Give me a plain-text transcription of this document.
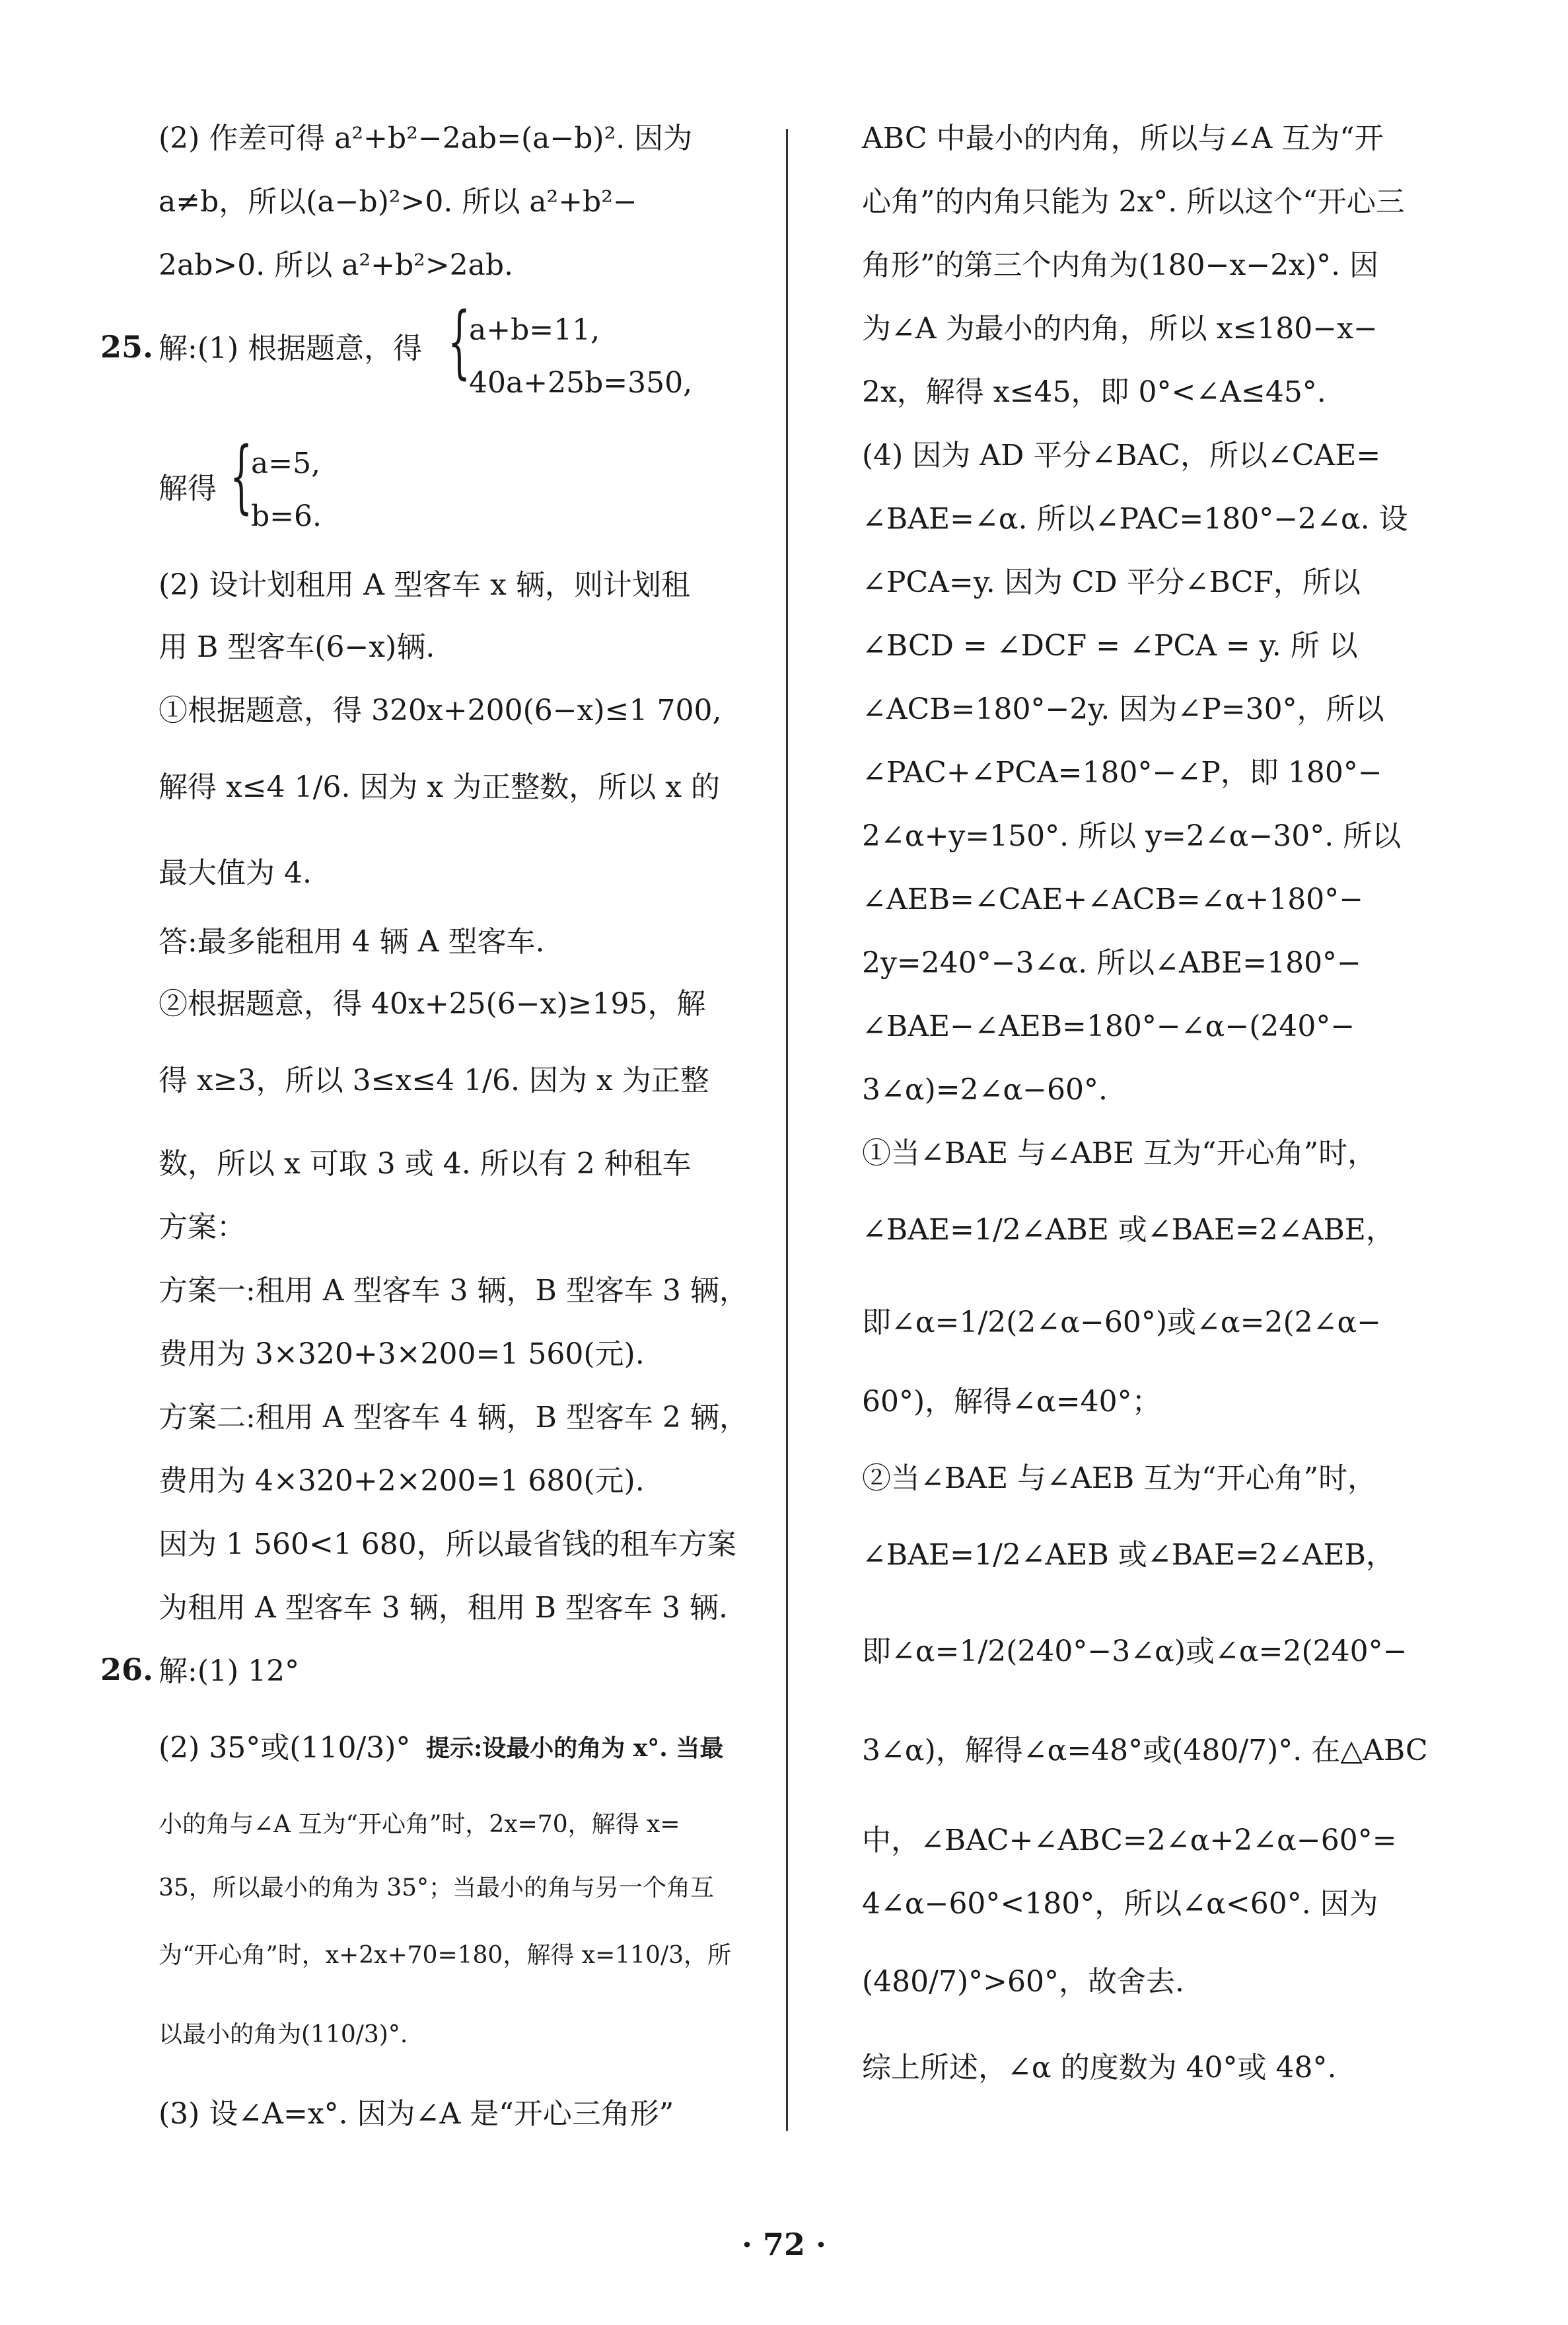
(2) 作差可得 a²+b²−2ab=(a−b)². 因为
a≠b，所以(a−b)²>0. 所以 a²+b²−
2ab>0. 所以 a²+b²>2ab.
25. 解:(1) 根据题意，得 {
a+b=11,
40a+25b=350,
解得 {
a=5,
b=6.
(2) 设计划租用 A 型客车 x 辆，则计划租
用 B 型客车(6−x)辆.
①根据题意，得 320x+200(6−x)≤1 700,
解得 x≤4 1/6. 因为 x 为正整数，所以 x 的
最大值为 4.
答:最多能租用 4 辆 A 型客车.
②根据题意，得 40x+25(6−x)≥195，解
得 x≥3，所以 3≤x≤4 1/6. 因为 x 为正整
数，所以 x 可取 3 或 4. 所以有 2 种租车
方案：
方案一:租用 A 型客车 3 辆，B 型客车 3 辆，
费用为 3×320+3×200=1 560(元).
方案二:租用 A 型客车 4 辆，B 型客车 2 辆，
费用为 4×320+2×200=1 680(元).
因为 1 560<1 680，所以最省钱的租车方案
为租用 A 型客车 3 辆，租用 B 型客车 3 辆.
26. 解:(1) 12°
(2) 35°或(110/3)° 提示:设最小的角为 x°. 当最
小的角与∠A 互为“开心角”时，2x=70，解得 x=
35，所以最小的角为 35°；当最小的角与另一个角互
为“开心角”时，x+2x+70=180，解得 x=110/3，所
以最小的角为(110/3)°.
(3) 设∠A=x°. 因为∠A 是“开心三角形”
ABC 中最小的内角，所以与∠A 互为“开
心角”的内角只能为 2x°. 所以这个“开心三
角形”的第三个内角为(180−x−2x)°. 因
为∠A 为最小的内角，所以 x≤180−x−
2x，解得 x≤45，即 0°<∠A≤45°.
(4) 因为 AD 平分∠BAC，所以∠CAE=
∠BAE=∠α. 所以∠PAC=180°−2∠α. 设
∠PCA=y. 因为 CD 平分∠BCF，所以
∠BCD = ∠DCF = ∠PCA = y. 所 以
∠ACB=180°−2y. 因为∠P=30°，所以
∠PAC+∠PCA=180°−∠P，即 180°−
2∠α+y=150°. 所以 y=2∠α−30°. 所以
∠AEB=∠CAE+∠ACB=∠α+180°−
2y=240°−3∠α. 所以∠ABE=180°−
∠BAE−∠AEB=180°−∠α−(240°−
3∠α)=2∠α−60°.
①当∠BAE 与∠ABE 互为“开心角”时，
∠BAE=1/2∠ABE 或∠BAE=2∠ABE，
即∠α=1/2(2∠α−60°)或∠α=2(2∠α−
60°)，解得∠α=40°；
②当∠BAE 与∠AEB 互为“开心角”时，
∠BAE=1/2∠AEB 或∠BAE=2∠AEB，
即∠α=1/2(240°−3∠α)或∠α=2(240°−
3∠α)，解得∠α=48°或(480/7)°. 在△ABC
中，∠BAC+∠ABC=2∠α+2∠α−60°=
4∠α−60°<180°，所以∠α<60°. 因为
(480/7)°>60°，故舍去.
综上所述，∠α 的度数为 40°或 48°.
· 72 ·
